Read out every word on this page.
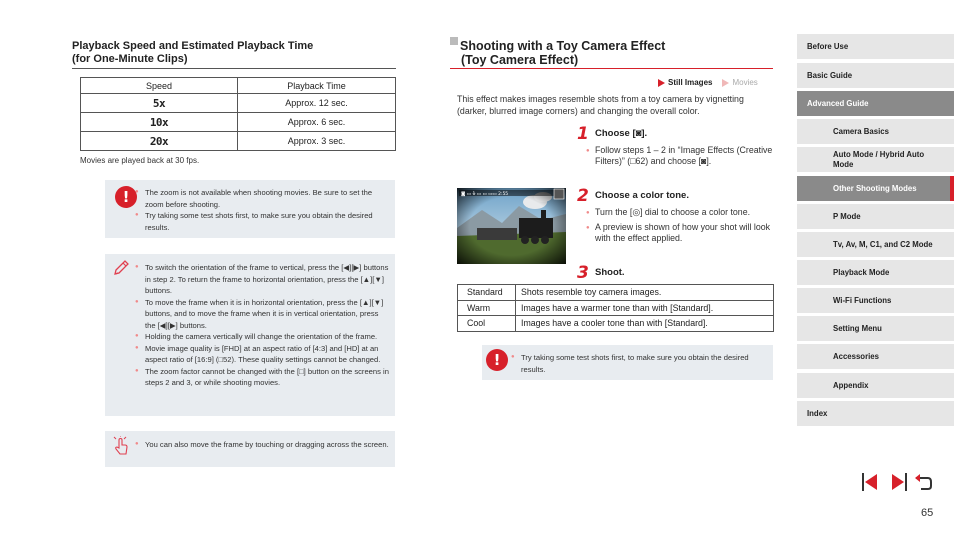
Playback Speed and Estimated Playback Time
(for One-Minute Clips)
Speed	Playback Time
5x	Approx. 12 sec.
10x	Approx. 6 sec.
20x	Approx. 3 sec.
Movies are played back at 30 fps.
!	● The zoom is not available when shooting movies. Be sure to set the zoom before shooting.
● Try taking some test shots first, to make sure you obtain the desired results.
● To switch the orientation of the frame to vertical, press the [◀][▶] buttons in step 2. To return the frame to horizontal orientation, press the [▲][▼] buttons.
● To move the frame when it is in horizontal orientation, press the [▲][▼] buttons, and to move the frame when it is in vertical orientation, press the [◀][▶] buttons.
● Holding the camera vertically will change the orientation of the frame.
● Movie image quality is [FHD] at an aspect ratio of [4:3] and [HD] at an aspect ratio of [16:9] (□52). These quality settings cannot be changed.
● The zoom factor cannot be changed with the [□] button on the screens in steps 2 and 3, or while shooting movies.
● You can also move the frame by touching or dragging across the screen.
Shooting with a Toy Camera Effect
(Toy Camera Effect)
Still Images	Movies
This effect makes images resemble shots from a toy camera by vignetting (darker, blurred image corners) and changing the overall color.
1 Choose [◙].
● Follow steps 1 – 2 in “Image Effects (Creative Filters)” (□62) and choose [◙].
◙ ▭ 1̶ ▭ ▭ ▭▭ 2:55	2 Choose a color tone.
● Turn the [◎] dial to choose a color tone.
● A preview is shown of how your shot will look with the effect applied.
3 Shoot.
Standard	Shots resemble toy camera images.
Warm	Images have a warmer tone than with [Standard].
Cool	Images have a cooler tone than with [Standard].
!	● Try taking some test shots first, to make sure you obtain the desired results.
Before Use
Basic Guide
Advanced Guide
Camera Basics
Auto Mode / Hybrid Auto Mode
Other Shooting Modes
P Mode
Tv, Av, M, C1, and C2 Mode
Playback Mode
Wi-Fi Functions
Setting Menu
Accessories
Appendix
Index
65
